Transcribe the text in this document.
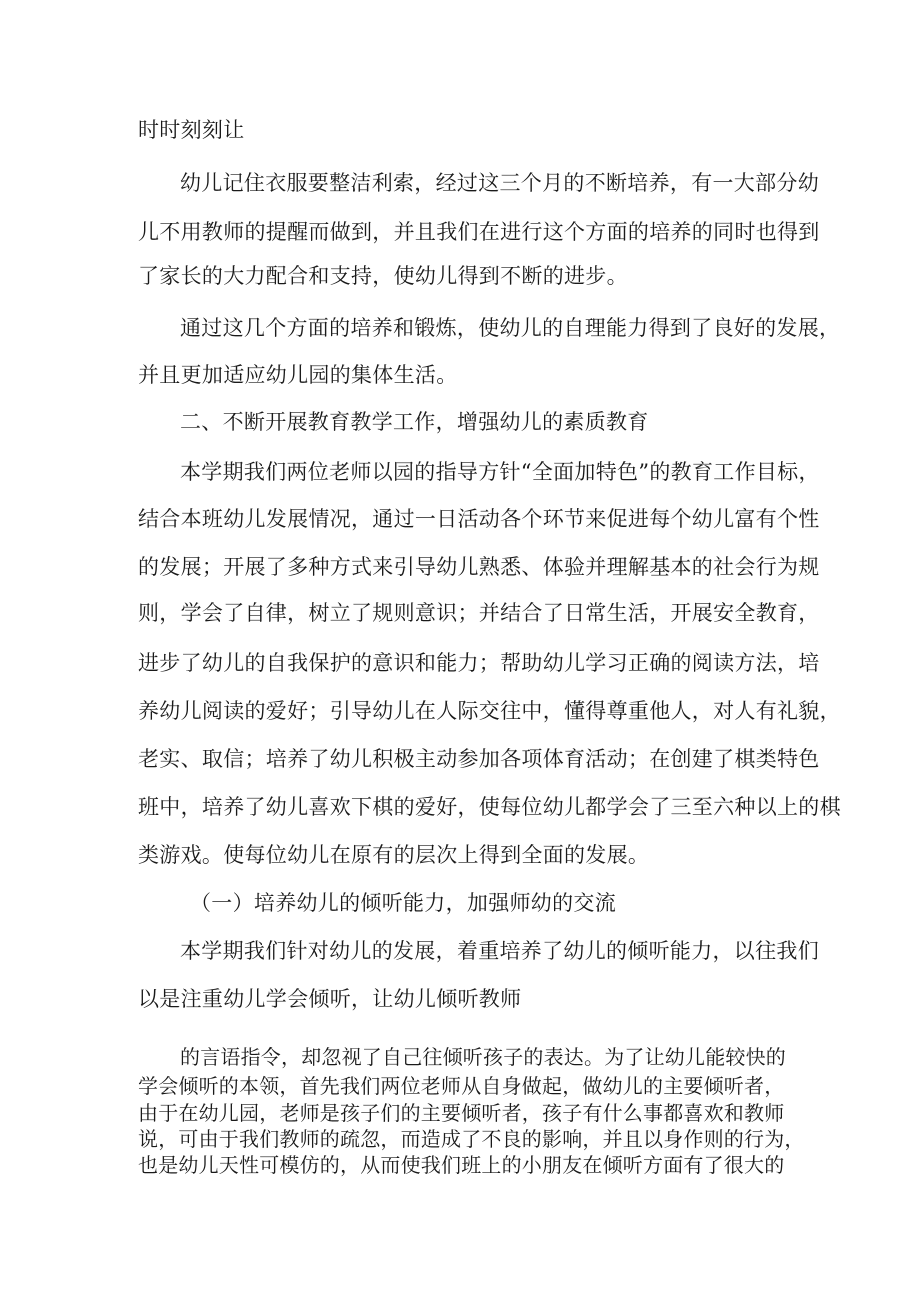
时时刻刻让
幼儿记住衣服要整洁利索，经过这三个月的不断培养，有一大部分幼
儿不用教师的提醒而做到，并且我们在进行这个方面的培养的同时也得到
了家长的大力配合和支持，使幼儿得到不断的进步。
通过这几个方面的培养和锻炼，使幼儿的自理能力得到了良好的发展，
并且更加适应幼儿园的集体生活。
二、不断开展教育教学工作，增强幼儿的素质教育
本学期我们两位老师以园的指导方针“全面加特色”的教育工作目标，
结合本班幼儿发展情况，通过一日活动各个环节来促进每个幼儿富有个性
的发展；开展了多种方式来引导幼儿熟悉、体验并理解基本的社会行为规
则，学会了自律，树立了规则意识；并结合了日常生活，开展安全教育，
进步了幼儿的自我保护的意识和能力；帮助幼儿学习正确的阅读方法，培
养幼儿阅读的爱好；引导幼儿在人际交往中，懂得尊重他人，对人有礼貌，
老实、取信；培养了幼儿积极主动参加各项体育活动；在创建了棋类特色
班中，培养了幼儿喜欢下棋的爱好，使每位幼儿都学会了三至六种以上的棋
类游戏。使每位幼儿在原有的层次上得到全面的发展。
（一）培养幼儿的倾听能力，加强师幼的交流
本学期我们针对幼儿的发展，着重培养了幼儿的倾听能力，以往我们
以是注重幼儿学会倾听，让幼儿倾听教师
的言语指令，却忽视了自己往倾听孩子的表达。为了让幼儿能较快的
学会倾听的本领，首先我们两位老师从自身做起，做幼儿的主要倾听者，
由于在幼儿园，老师是孩子们的主要倾听者，孩子有什么事都喜欢和教师
说，可由于我们教师的疏忽，而造成了不良的影响，并且以身作则的行为，
也是幼儿天性可模仿的，从而使我们班上的小朋友在倾听方面有了很大的
